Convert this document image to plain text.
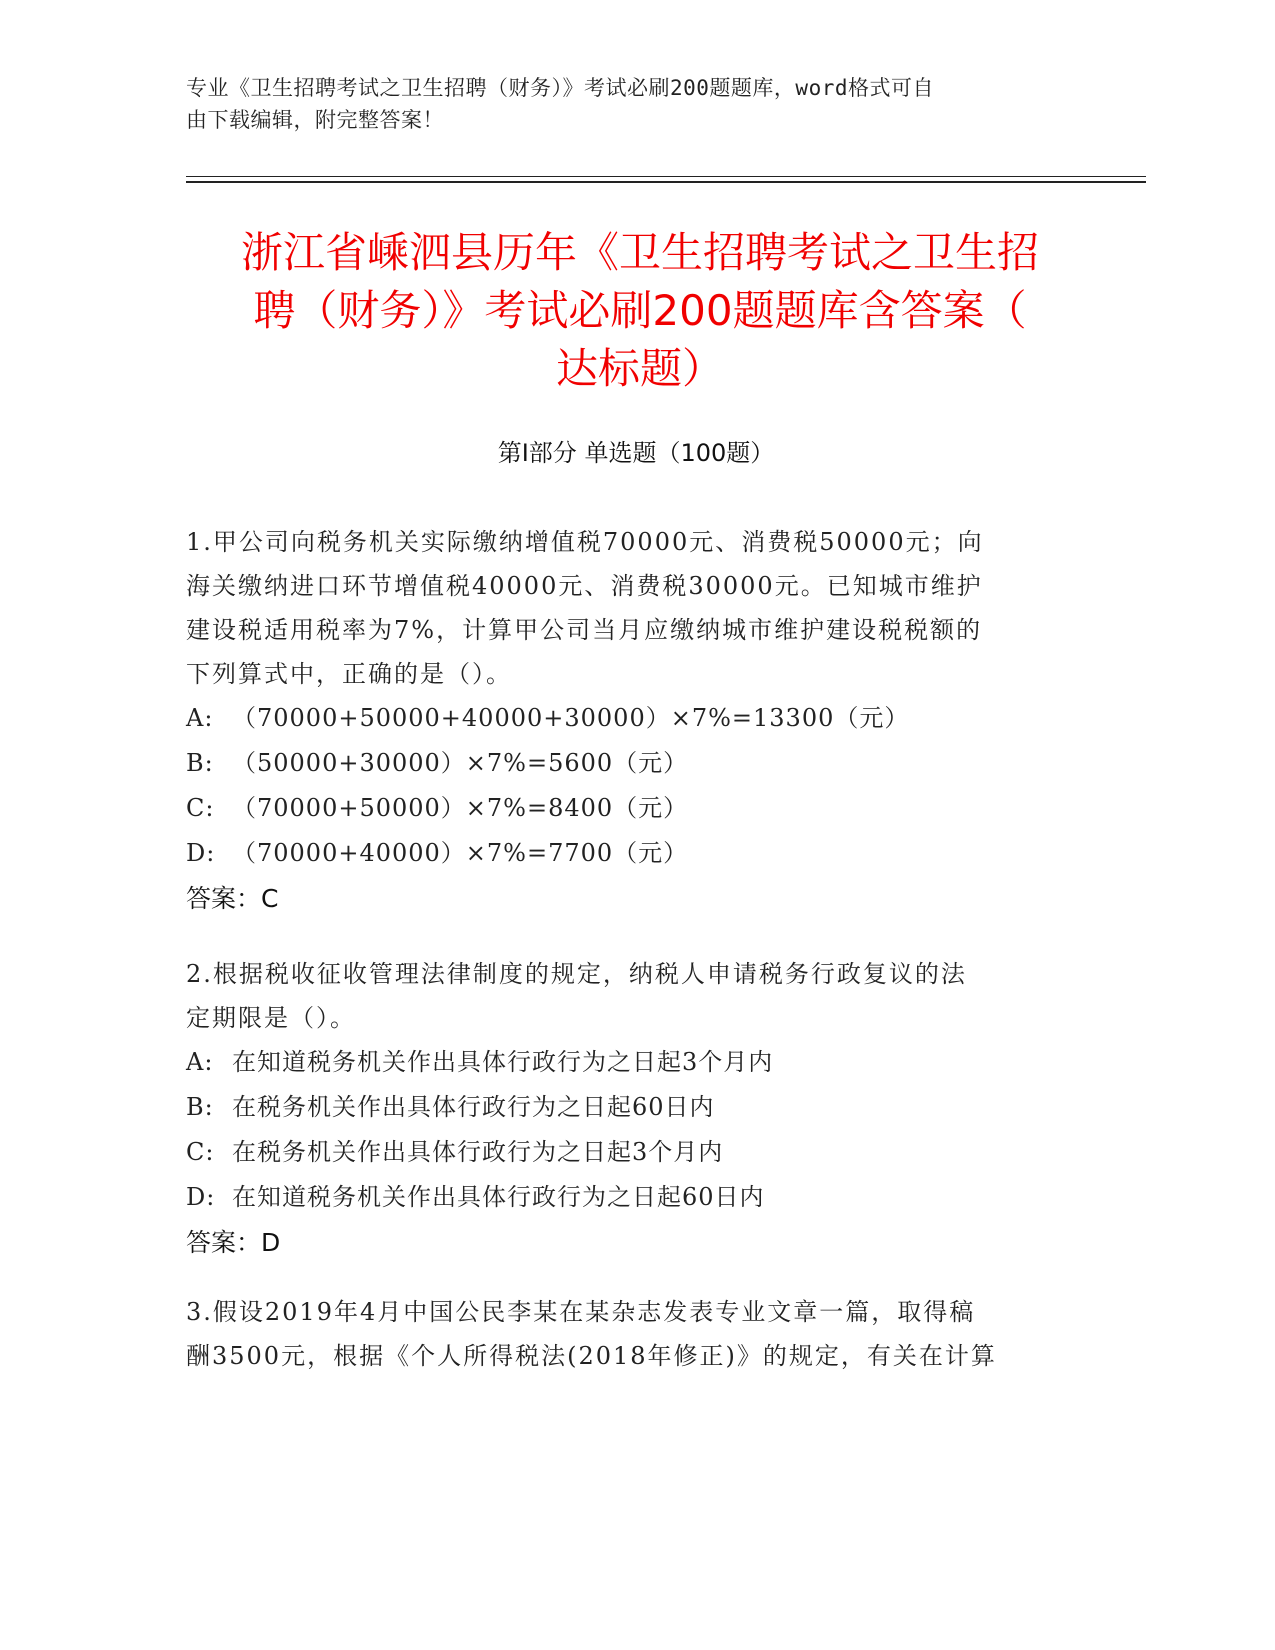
专业《卫生招聘考试之卫生招聘（财务）》考试必刷200题题库，word格式可自
由下载编辑，附完整答案！
浙江省嵊泗县历年《卫生招聘考试之卫生招
聘（财务）》考试必刷200题题库含答案（
达标题）
第Ⅰ部分 单选题（100题）

1.甲公司向税务机关实际缴纳增值税70000元、消费税50000元；向

海关缴纳进口环节增值税40000元、消费税30000元。已知城市维护

建设税适用税率为7%，计算甲公司当月应缴纳城市维护建设税税额的

下列算式中，正确的是（）。

A: （70000+50000+40000+30000）×7%=13300（元）

B: （50000+30000）×7%=5600（元）

C: （70000+50000）×7%=8400（元）

D: （70000+40000）×7%=7700（元）

答案：C

2.根据税收征收管理法律制度的规定，纳税人申请税务行政复议的法

定期限是（）。

A: 在知道税务机关作出具体行政行为之日起3个月内

B: 在税务机关作出具体行政行为之日起60日内

C: 在税务机关作出具体行政行为之日起3个月内

D: 在知道税务机关作出具体行政行为之日起60日内

答案：D

3.假设2019年4月中国公民李某在某杂志发表专业文章一篇，取得稿

酬3500元，根据《个人所得税法(2018年修正)》的规定，有关在计算
